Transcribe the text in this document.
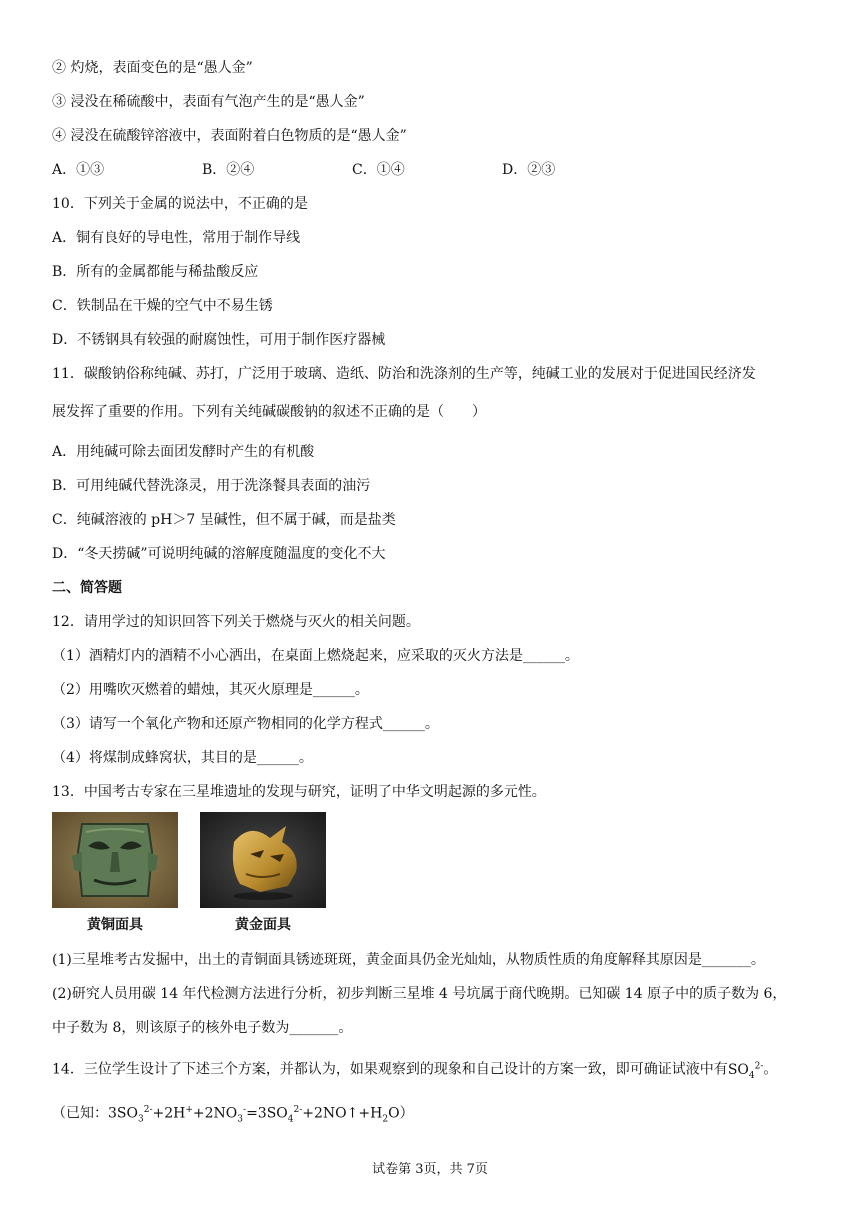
② 灼烧，表面变色的是“愚人金”
③ 浸没在稀硫酸中，表面有气泡产生的是“愚人金”
④ 浸没在硫酸锌溶液中，表面附着白色物质的是“愚人金”
A．①③	B．②④	C．①④	D．②③
10．下列关于金属的说法中，不正确的是
A．铜有良好的导电性，常用于制作导线
B．所有的金属都能与稀盐酸反应
C．铁制品在干燥的空气中不易生锈
D．不锈钢具有较强的耐腐蚀性，可用于制作医疗器械
11．碳酸钠俗称纯碱、苏打，广泛用于玻璃、造纸、防治和洗涤剂的生产等，纯碱工业的发展对于促进国民经济发
展发挥了重要的作用。下列有关纯碱碳酸钠的叙述不正确的是（　　）
A．用纯碱可除去面团发酵时产生的有机酸
B．可用纯碱代替洗涤灵，用于洗涤餐具表面的油污
C．纯碱溶液的 pH＞7 呈碱性，但不属于碱，而是盐类
D．“冬天捞碱”可说明纯碱的溶解度随温度的变化不大
二、简答题
12．请用学过的知识回答下列关于燃烧与灭火的相关问题。
（1）酒精灯内的酒精不小心洒出，在桌面上燃烧起来，应采取的灭火方法是______。
（2）用嘴吹灭燃着的蜡烛，其灭火原理是______。
（3）请写一个氧化产物和还原产物相同的化学方程式______。
（4）将煤制成蜂窝状，其目的是______。
13．中国考古专家在三星堆遗址的发现与研究，证明了中华文明起源的多元性。
黄铜面具	黄金面具
(1)三星堆考古发掘中，出土的青铜面具锈迹斑斑，黄金面具仍金光灿灿，从物质性质的角度解释其原因是_______。
(2)研究人员用碳 14 年代检测方法进行分析，初步判断三星堆 4 号坑属于商代晚期。已知碳 14 原子中的质子数为 6，
中子数为 8，则该原子的核外电子数为_______。
14．三位学生设计了下述三个方案，并都认为，如果观察到的现象和自己设计的方案一致，即可确证试液中有$SO_4^{2-}$。
（已知：$3SO_3^{2-}+2H^++2NO_3^-=3SO_4^{2-}+2NO↑+H_2O$）
试卷第 3页，共 7页
